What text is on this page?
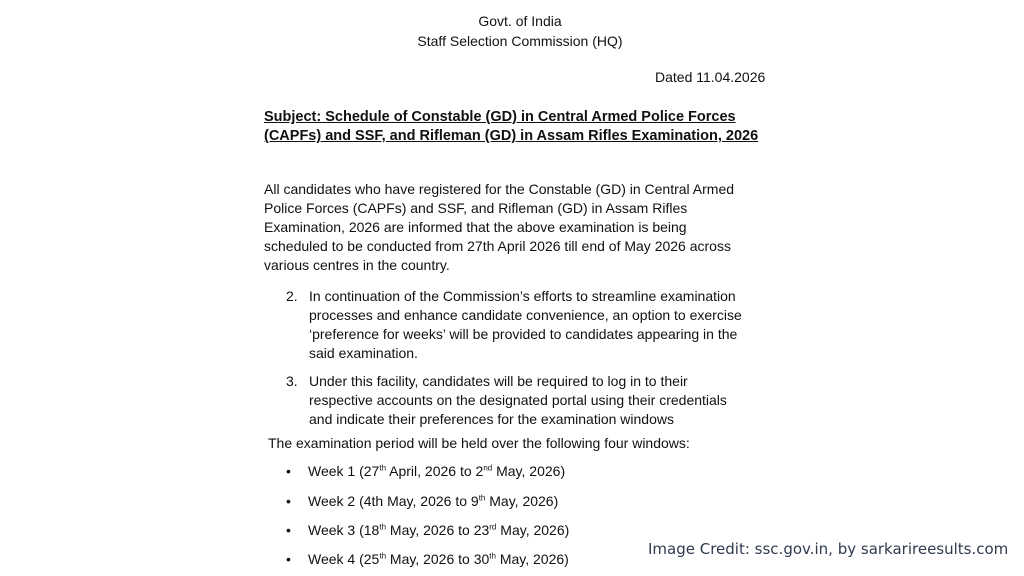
Govt. of India
Staff Selection Commission (HQ)
Dated 11.04.2026
Subject: Schedule of Constable (GD) in Central Armed Police Forces
(CAPFs) and SSF, and Rifleman (GD) in Assam Rifles Examination, 2026
All candidates who have registered for the Constable (GD) in Central Armed
Police Forces (CAPFs) and SSF, and Rifleman (GD) in Assam Rifles
Examination, 2026 are informed that the above examination is being
scheduled to be conducted from 27th April 2026 till end of May 2026 across
various centres in the country.
2. In continuation of the Commission’s efforts to streamline examination
processes and enhance candidate convenience, an option to exercise
‘preference for weeks’ will be provided to candidates appearing in the
said examination.
3. Under this facility, candidates will be required to log in to their
respective accounts on the designated portal using their credentials
and indicate their preferences for the examination windows
The examination period will be held over the following four windows:
• Week 1 (27th April, 2026 to 2nd May, 2026)
• Week 2 (4th May, 2026 to 9th May, 2026)
• Week 3 (18th May, 2026 to 23rd May, 2026)
• Week 4 (25th May, 2026 to 30th May, 2026)
Image Credit: ssc.gov.in, by sarkarireesults.com
